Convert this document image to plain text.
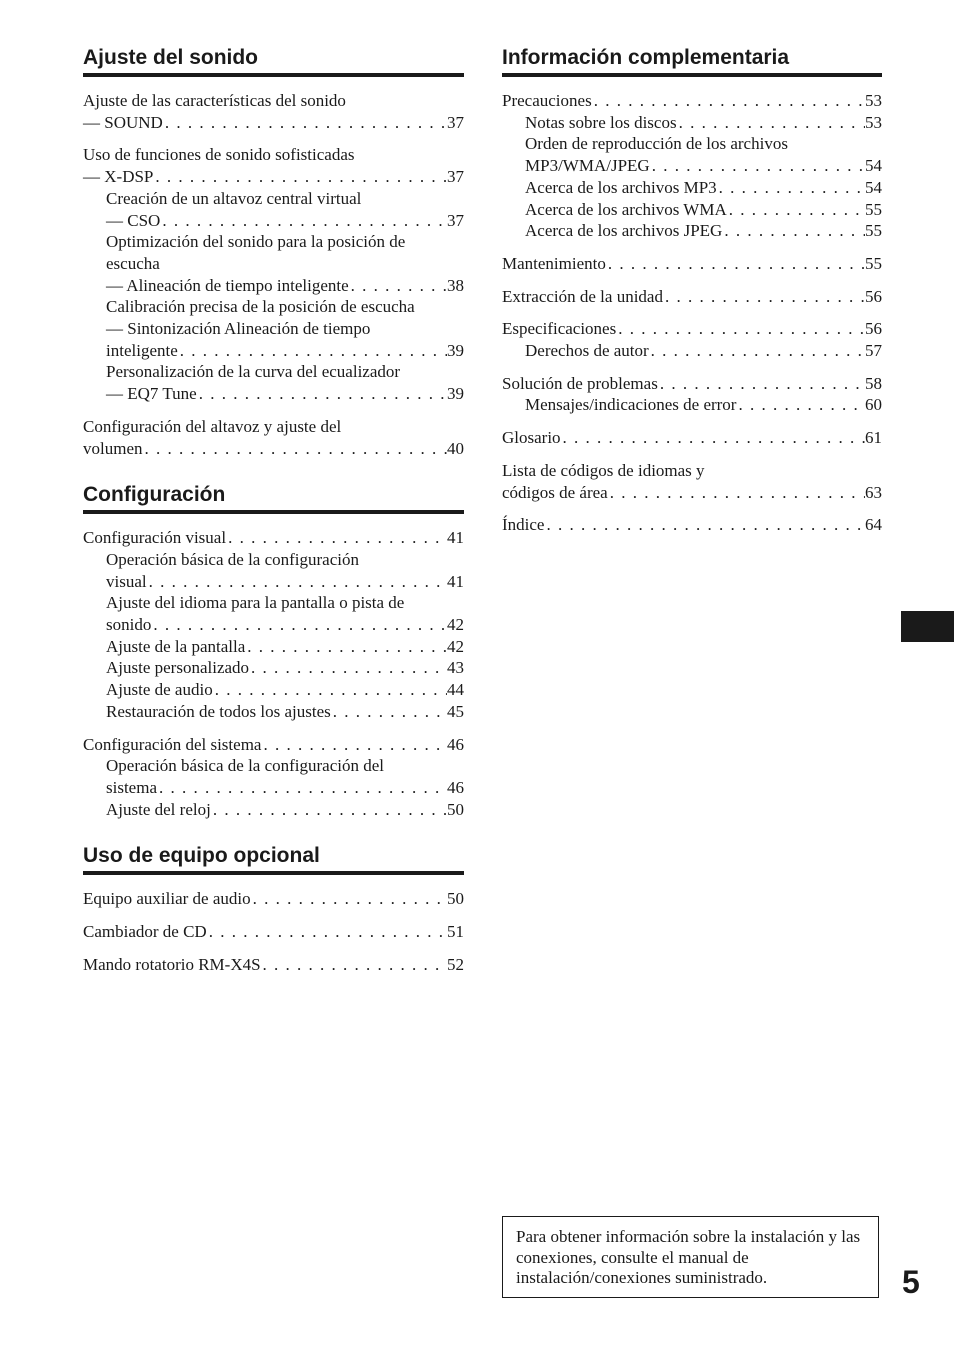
Ajuste del sonido
Ajuste de las características del sonido
— SOUND . . .	37
Uso de funciones de sonido sofisticadas
— X-DSP . . .	37
Creación de un altavoz central virtual
— CSO . . .	37
Optimización del sonido para la posición de
escucha
— Alineación de tiempo inteligente . . .	38
Calibración precisa de la posición de escucha
— Sintonización Alineación de tiempo
inteligente . . .	39
Personalización de la curva del ecualizador
— EQ7 Tune . . .	39
Configuración del altavoz y ajuste del
volumen . . .	40
Configuración
Configuración visual . . .	41
Operación básica de la configuración
visual . . .	41
Ajuste del idioma para la pantalla o pista de
sonido . . .	42
Ajuste de la pantalla . . .	42
Ajuste personalizado . . .	43
Ajuste de audio . . .	44
Restauración de todos los ajustes . . .	45
Configuración del sistema . . .	46
Operación básica de la configuración del
sistema . . .	46
Ajuste del reloj . . .	50
Uso de equipo opcional
Equipo auxiliar de audio . . .	50
Cambiador de CD . . .	51
Mando rotatorio RM-X4S . . .	52
Información complementaria
Precauciones . . .	53
Notas sobre los discos . . .	53
Orden de reproducción de los archivos
MP3/WMA/JPEG . . .	54
Acerca de los archivos MP3 . . .	54
Acerca de los archivos WMA . . .	55
Acerca de los archivos JPEG . . .	55
Mantenimiento . . .	55
Extracción de la unidad . . .	56
Especificaciones . . .	56
Derechos de autor . . .	57
Solución de problemas . . .	58
Mensajes/indicaciones de error . . .	60
Glosario . . .	61
Lista de códigos de idiomas y
códigos de área . . .	63
Índice . . .	64
Para obtener información sobre la instalación y las conexiones, consulte el manual de instalación/conexiones suministrado.	5
